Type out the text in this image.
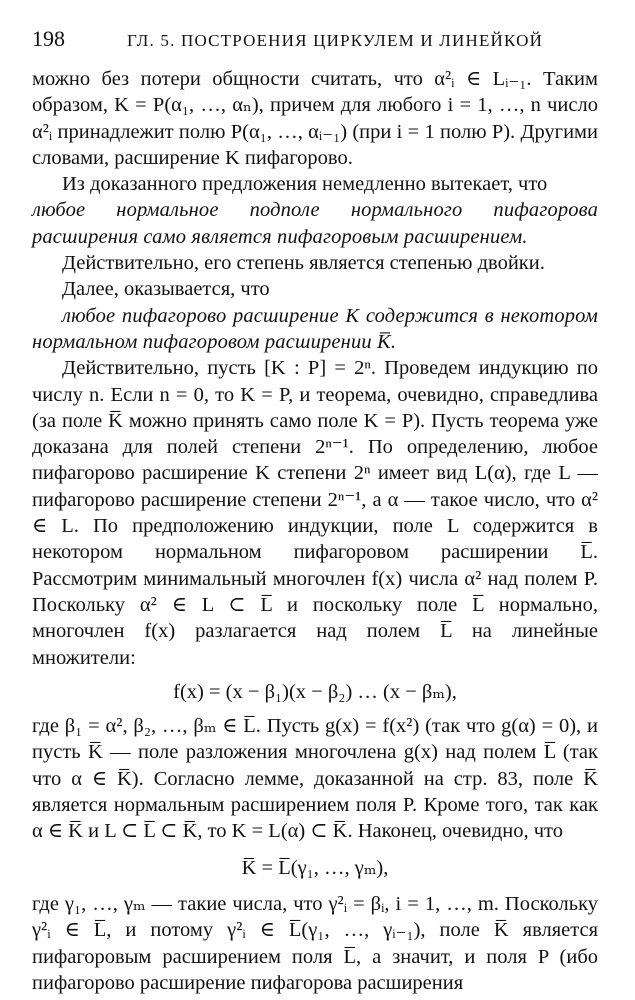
198	ГЛ. 5. ПОСТРОЕНИЯ ЦИРКУЛЕМ И ЛИНЕЙКОЙ

можно без потери общности считать, что α²ᵢ ∈ Lᵢ₋₁. Таким образом, K = P(α₁, …, αₙ), причем для любого i = 1, …, n число α²ᵢ принадлежит полю P(α₁, …, αᵢ₋₁) (при i = 1 полю P). Другими словами, расширение K пифагорово.

Из доказанного предложения немедленно вытекает, что

любое нормальное подполе нормального пифагорова расширения само является пифагоровым расширением.

Действительно, его степень является степенью двойки.

Далее, оказывается, что

любое пифагорово расширение K содержится в некотором нормальном пифагоровом расширении K̅.

Действительно, пусть [K : P] = 2ⁿ. Проведем индукцию по числу n. Если n = 0, то K = P, и теорема, очевидно, справедлива (за поле K̅ можно принять само поле K = P). Пусть теорема уже доказана для полей степени 2ⁿ⁻¹. По определению, любое пифагорово расширение K степени 2ⁿ имеет вид L(α), где L — пифагорово расширение степени 2ⁿ⁻¹, а α — такое число, что α² ∈ L. По предположению индукции, поле L содержится в некотором нормальном пифагоровом расширении L̅. Рассмотрим минимальный многочлен f(x) числа α² над полем P. Поскольку α² ∈ L ⊂ L̅ и поскольку поле L̅ нормально, многочлен f(x) разлагается над полем L̅ на линейные множители:

f(x) = (x − β₁)(x − β₂) … (x − βₘ),

где β₁ = α², β₂, …, βₘ ∈ L̅. Пусть g(x) = f(x²) (так что g(α) = 0), и пусть K̅ — поле разложения многочлена g(x) над полем L̅ (так что α ∈ K̅). Согласно лемме, доказанной на стр. 83, поле K̅ является нормальным расширением поля P. Кроме того, так как α ∈ K̅ и L ⊂ L̅ ⊂ K̅, то K = L(α) ⊂ K̅. Наконец, очевидно, что

K̅ = L̅(γ₁, …, γₘ),

где γ₁, …, γₘ — такие числа, что γ²ᵢ = βᵢ, i = 1, …, m. Поскольку γ²ᵢ ∈ L̅, и потому γ²ᵢ ∈ L̅(γ₁, …, γᵢ₋₁), поле K̅ является пифагоровым расширением поля L̅, а значит, и поля P (ибо пифагорово расширение пифагорова расширения
